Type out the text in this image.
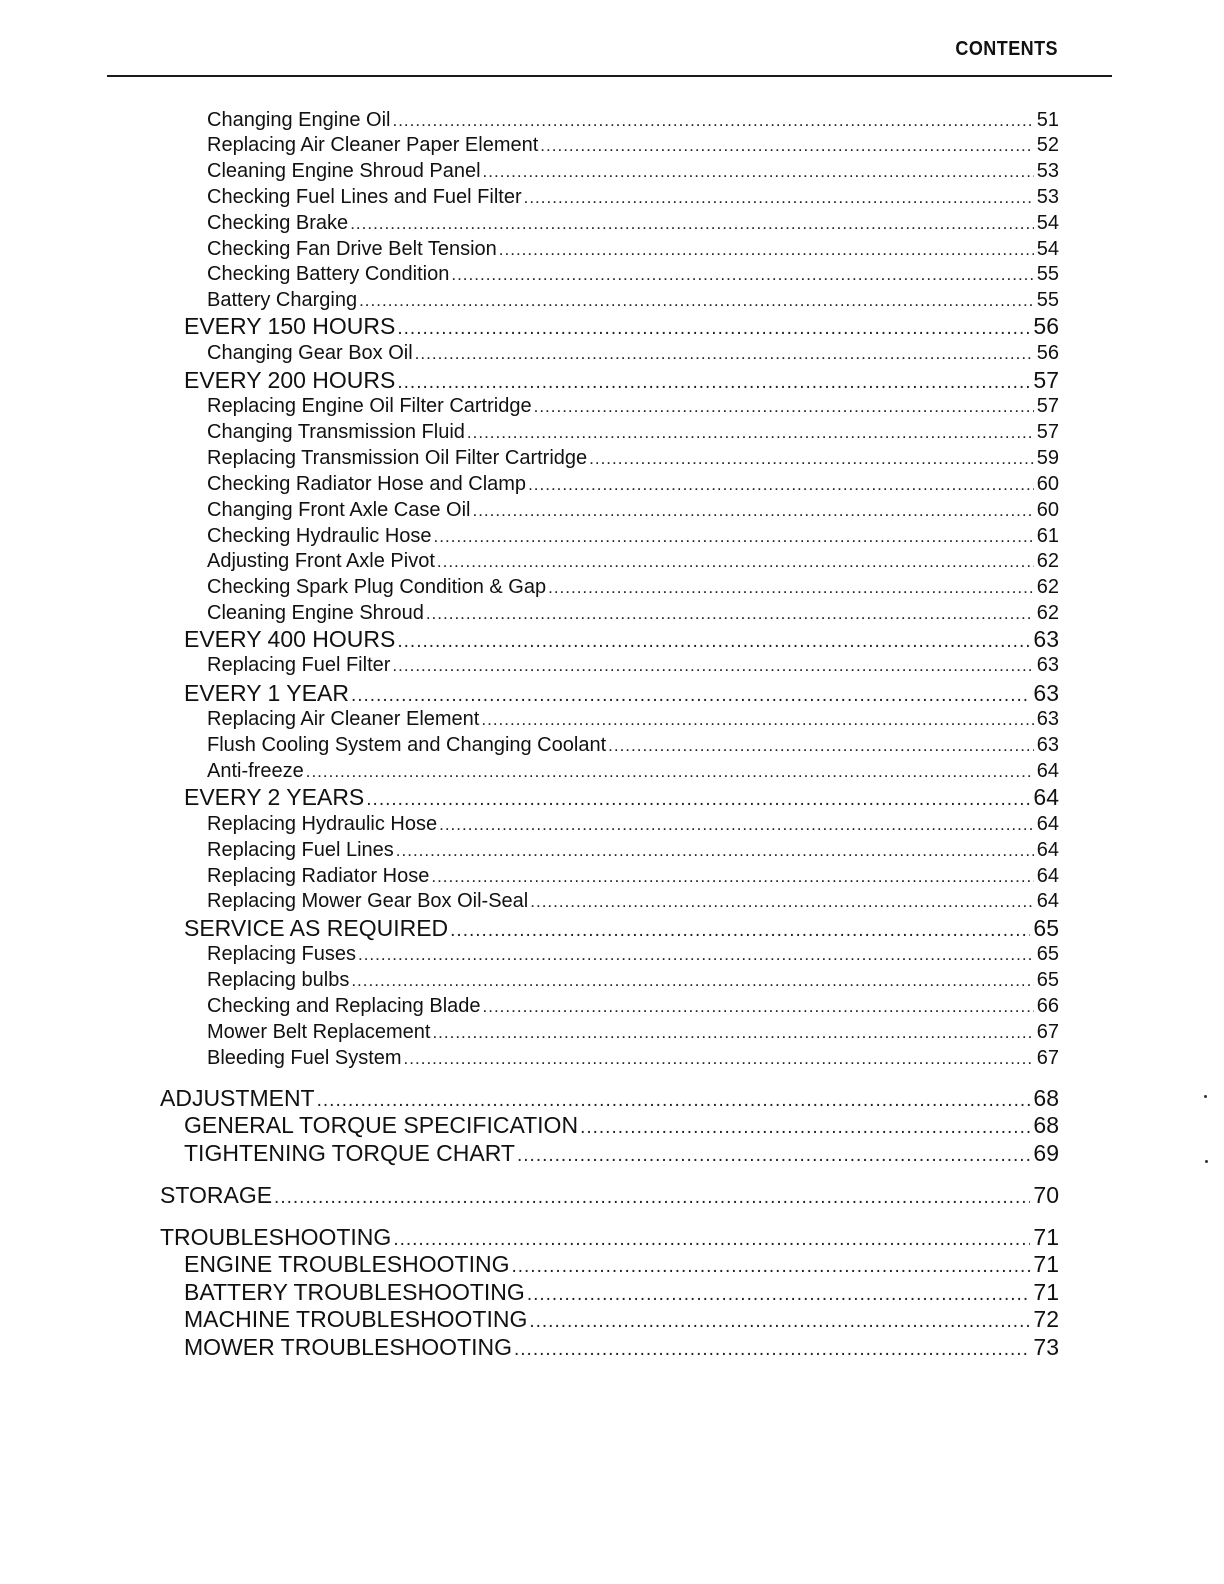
CONTENTS
Changing Engine Oil .....	51
Replacing Air Cleaner Paper Element .....	52
Cleaning Engine Shroud Panel .....	53
Checking Fuel Lines and Fuel Filter .....	53
Checking Brake .....	54
Checking Fan Drive Belt Tension .....	54
Checking Battery Condition .....	55
Battery Charging .....	55
EVERY 150 HOURS .....	56
Changing Gear Box Oil .....	56
EVERY 200 HOURS .....	57
Replacing Engine Oil Filter Cartridge .....	57
Changing Transmission Fluid .....	57
Replacing Transmission Oil Filter Cartridge .....	59
Checking Radiator Hose and Clamp .....	60
Changing Front Axle Case Oil .....	60
Checking Hydraulic Hose .....	61
Adjusting Front Axle Pivot .....	62
Checking Spark Plug Condition & Gap .....	62
Cleaning Engine Shroud .....	62
EVERY 400 HOURS .....	63
Replacing Fuel Filter .....	63
EVERY 1 YEAR .....	63
Replacing Air Cleaner Element .....	63
Flush Cooling System and Changing Coolant .....	63
Anti-freeze .....	64
EVERY 2 YEARS .....	64
Replacing Hydraulic Hose .....	64
Replacing Fuel Lines .....	64
Replacing Radiator Hose .....	64
Replacing Mower Gear Box Oil-Seal .....	64
SERVICE AS REQUIRED .....	65
Replacing Fuses .....	65
Replacing bulbs .....	65
Checking and Replacing Blade .....	66
Mower Belt Replacement .....	67
Bleeding Fuel System .....	67
ADJUSTMENT .....	68
GENERAL TORQUE SPECIFICATION .....	68
TIGHTENING TORQUE CHART .....	69
STORAGE .....	70
TROUBLESHOOTING .....	71
ENGINE TROUBLESHOOTING .....	71
BATTERY TROUBLESHOOTING .....	71
MACHINE TROUBLESHOOTING .....	72
MOWER TROUBLESHOOTING .....	73
